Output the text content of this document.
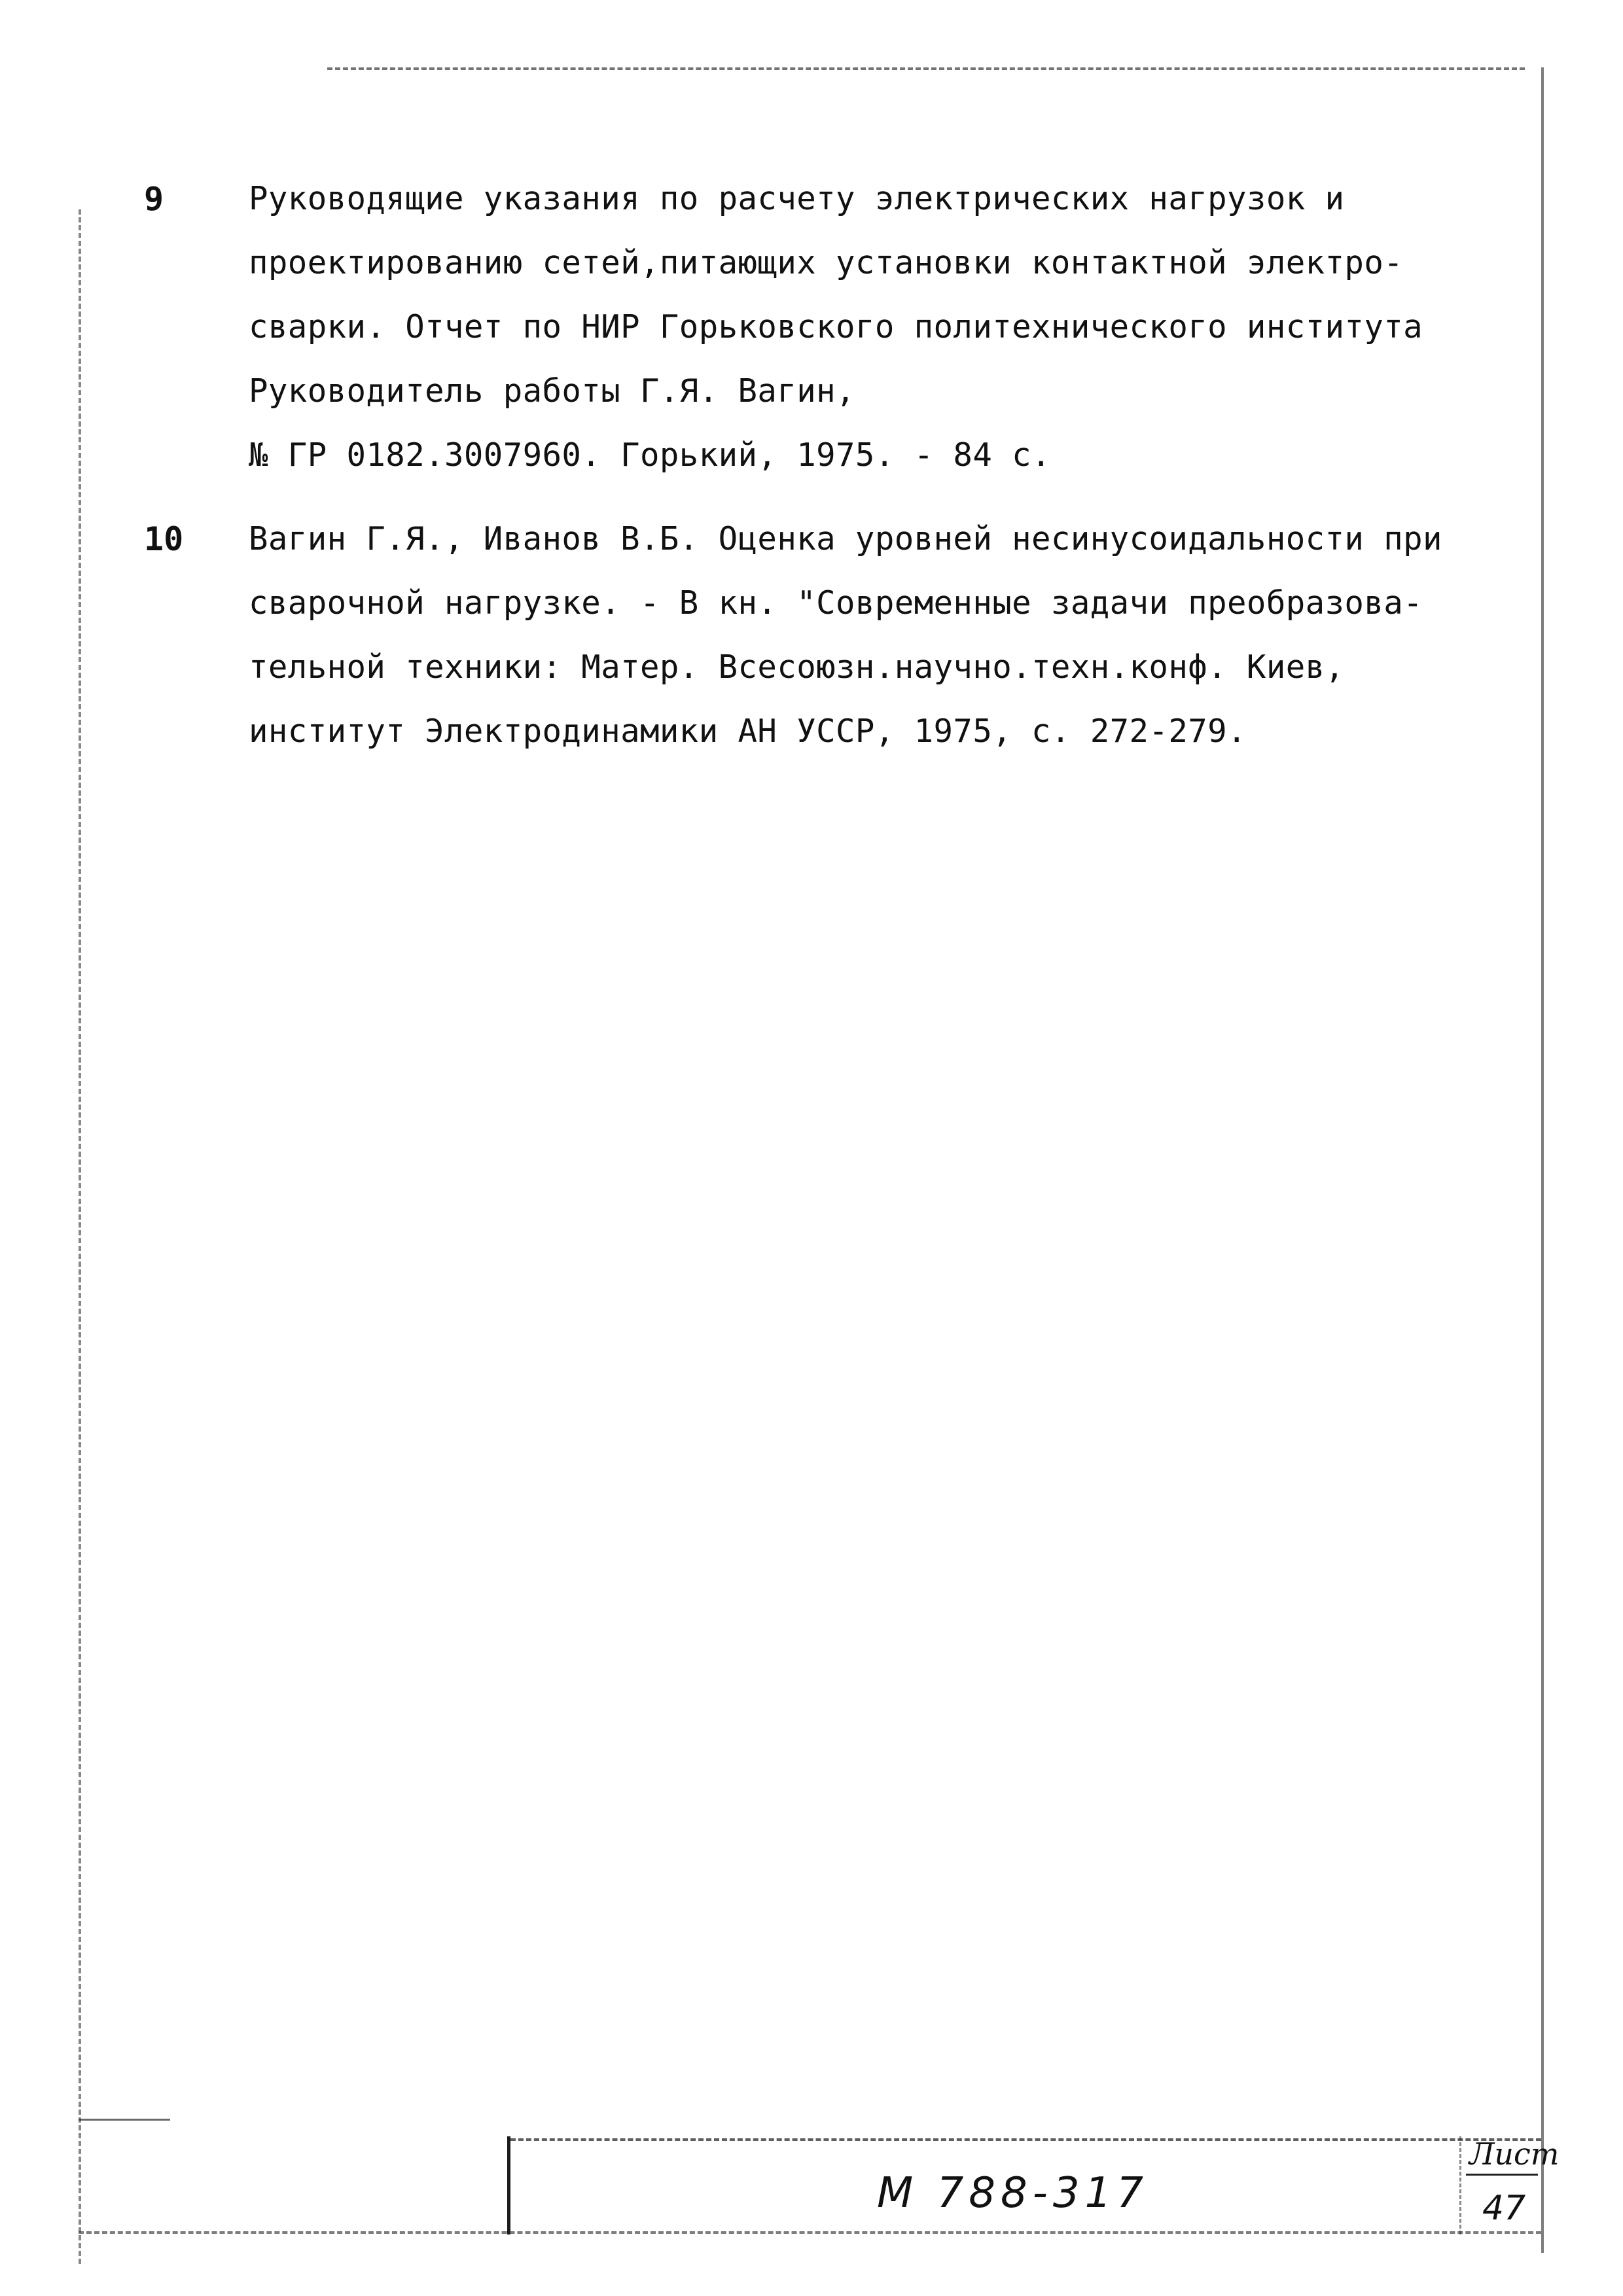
9	Руководящие указания по расчету электрических нагрузок и
проектированию сетей,питающих установки контактной электро-
сварки. Отчет по НИР Горьковского политехнического института
Руководитель работы Г.Я. Вагин,
№ ГР 0182.3007960. Горький, 1975. - 84 с.
10	Вагин Г.Я., Иванов В.Б. Оценка уровней несинусоидальности при
сварочной нагрузке. - В кн. "Современные задачи преобразова-
тельной техники: Матер. Всесоюзн.научно.техн.конф. Киев,
институт Электродинамики АН УССР, 1975, с. 272-279.
М 788-317
Лист
47
